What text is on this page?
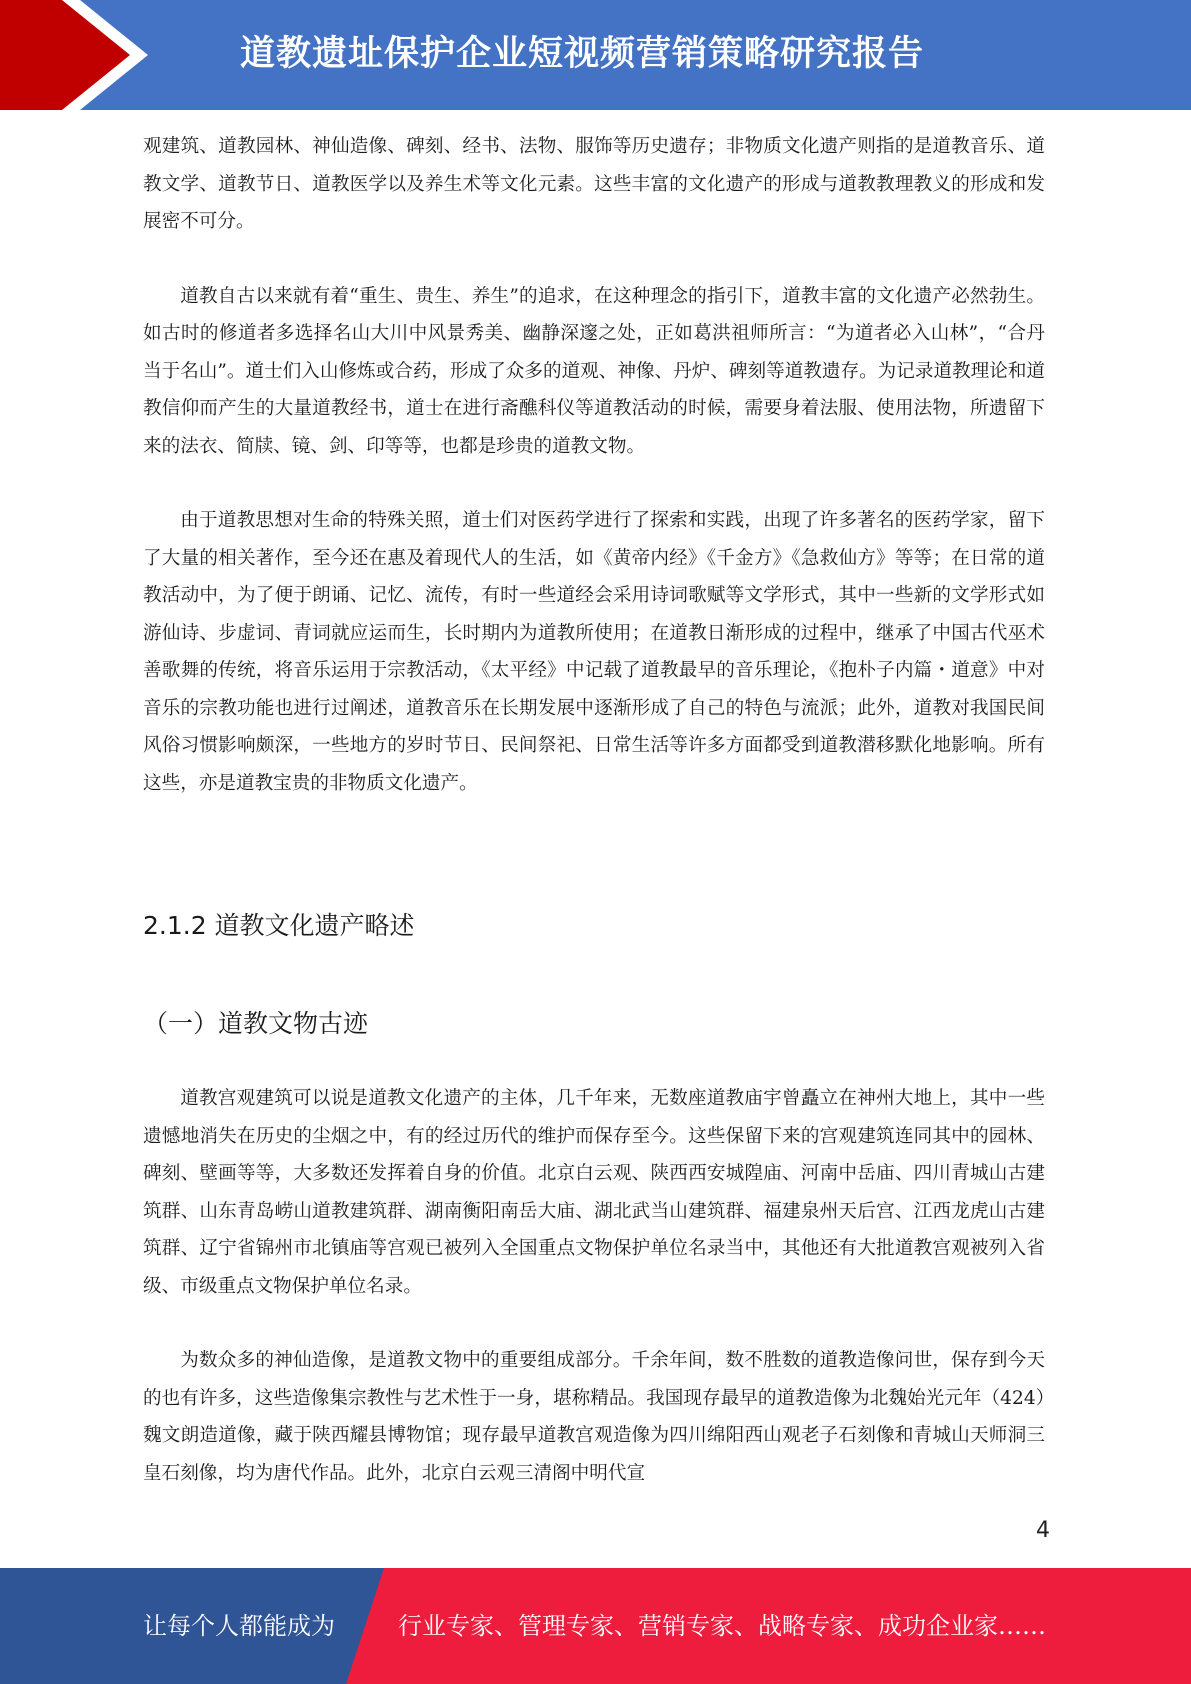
道教遗址保护企业短视频营销策略研究报告

观建筑、道教园林、神仙造像、碑刻、经书、法物、服饰等历史遗存；非物质文化遗产则指的是道教音乐、道教文学、道教节日、道教医学以及养生术等文化元素。这些丰富的文化遗产的形成与道教教理教义的形成和发展密不可分。

道教自古以来就有着“重生、贵生、养生”的追求，在这种理念的指引下，道教丰富的文化遗产必然勃生。如古时的修道者多选择名山大川中风景秀美、幽静深邃之处，正如葛洪祖师所言：“为道者必入山林”，“合丹当于名山”。道士们入山修炼或合药，形成了众多的道观、神像、丹炉、碑刻等道教遗存。为记录道教理论和道教信仰而产生的大量道教经书，道士在进行斋醮科仪等道教活动的时候，需要身着法服、使用法物，所遗留下来的法衣、简牍、镜、剑、印等等，也都是珍贵的道教文物。

由于道教思想对生命的特殊关照，道士们对医药学进行了探索和实践，出现了许多著名的医药学家，留下了大量的相关著作，至今还在惠及着现代人的生活，如《黄帝内经》《千金方》《急救仙方》等等；在日常的道教活动中，为了便于朗诵、记忆、流传，有时一些道经会采用诗词歌赋等文学形式，其中一些新的文学形式如游仙诗、步虚词、青词就应运而生，长时期内为道教所使用；在道教日渐形成的过程中，继承了中国古代巫术善歌舞的传统，将音乐运用于宗教活动，《太平经》中记载了道教最早的音乐理论，《抱朴子内篇・道意》中对音乐的宗教功能也进行过阐述，道教音乐在长期发展中逐渐形成了自己的特色与流派；此外，道教对我国民间风俗习惯影响颇深，一些地方的岁时节日、民间祭祀、日常生活等许多方面都受到道教潜移默化地影响。所有这些，亦是道教宝贵的非物质文化遗产。

2.1.2 道教文化遗产略述
（一）道教文物古迹

道教宫观建筑可以说是道教文化遗产的主体，几千年来，无数座道教庙宇曾矗立在神州大地上，其中一些遗憾地消失在历史的尘烟之中，有的经过历代的维护而保存至今。这些保留下来的宫观建筑连同其中的园林、碑刻、壁画等等，大多数还发挥着自身的价值。北京白云观、陕西西安城隍庙、河南中岳庙、四川青城山古建筑群、山东青岛崂山道教建筑群、湖南衡阳南岳大庙、湖北武当山建筑群、福建泉州天后宫、江西龙虎山古建筑群、辽宁省锦州市北镇庙等宫观已被列入全国重点文物保护单位名录当中，其他还有大批道教宫观被列入省级、市级重点文物保护单位名录。

为数众多的神仙造像，是道教文物中的重要组成部分。千余年间，数不胜数的道教造像问世，保存到今天的也有许多，这些造像集宗教性与艺术性于一身，堪称精品。我国现存最早的道教造像为北魏始光元年（424）魏文朗造道像，藏于陕西耀县博物馆；现存最早道教宫观造像为四川绵阳西山观老子石刻像和青城山天师洞三皇石刻像，均为唐代作品。此外，北京白云观三清阁中明代宣

4
让每个人都能成为	行业专家、管理专家、营销专家、战略专家、成功企业家……
